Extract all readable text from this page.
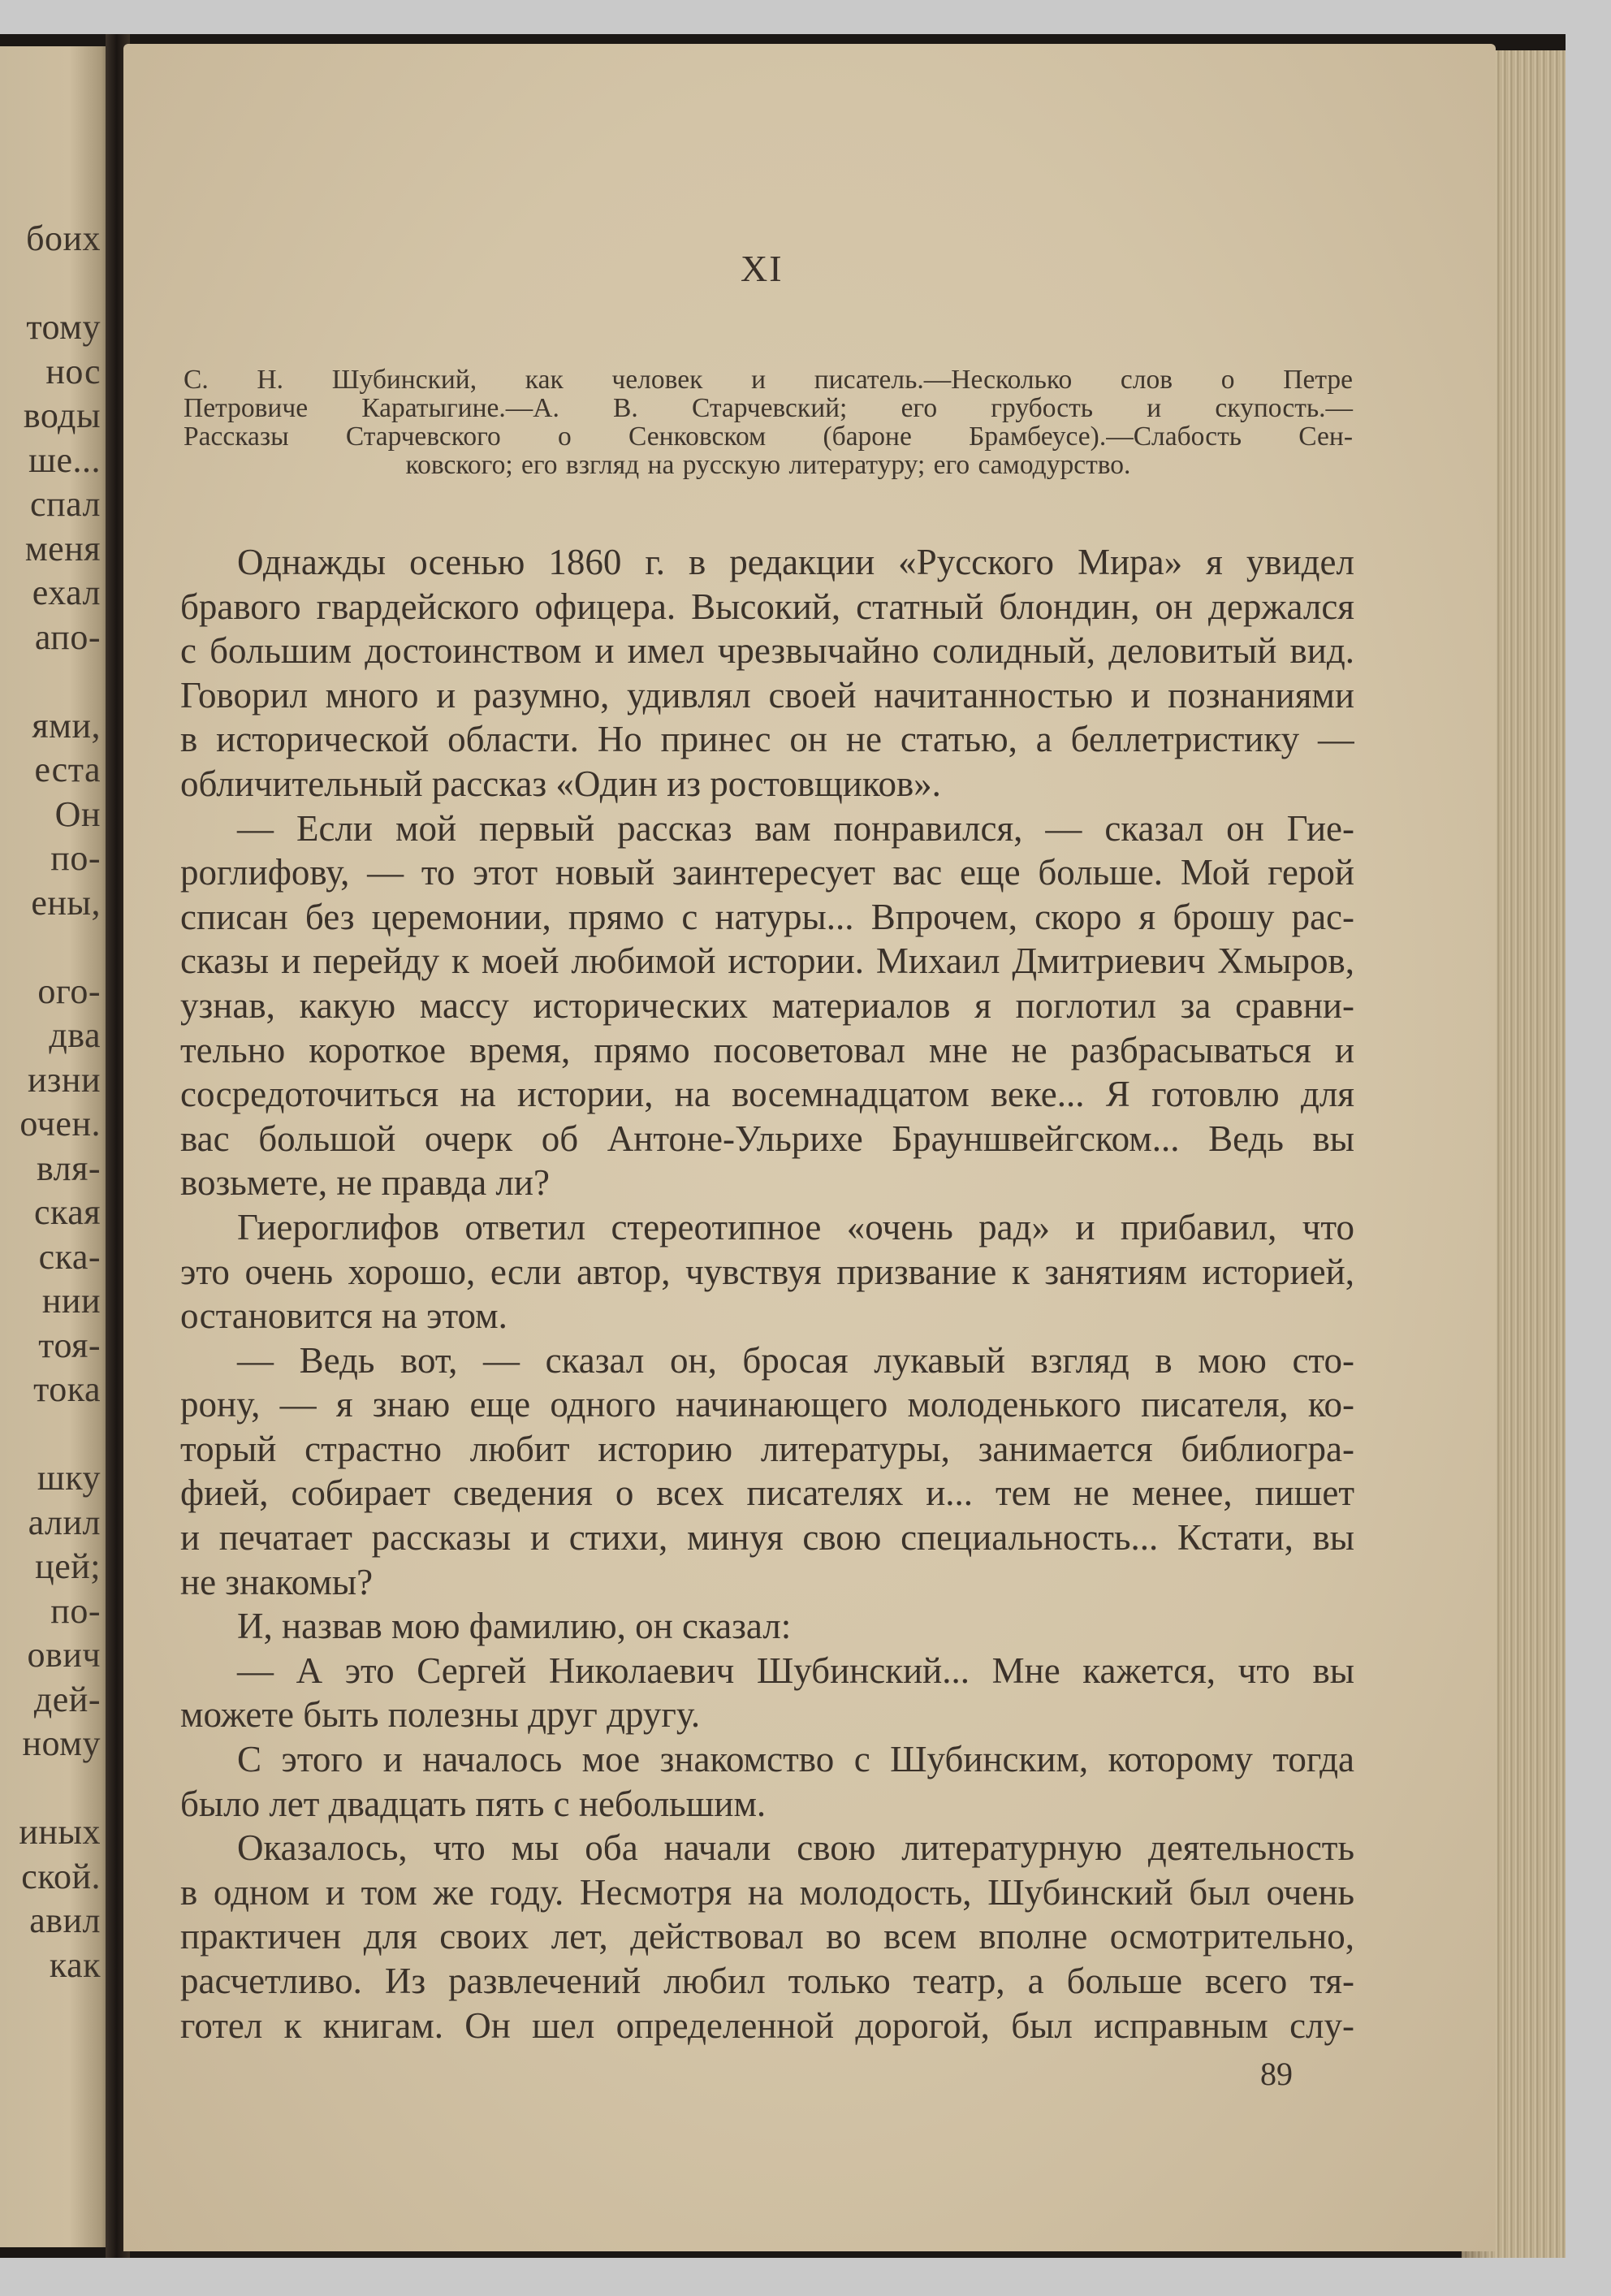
боих
тому
нос
воды
ше...
спал
меня
ехал
апо-
ями,
еста
Он
по-
ены,
ого-
два
изни
очен.
вля-
ская
ска-
нии
тоя-
тока
шку
алил
цей;
по-
ович
дей-
ному
иных
ской.
авил
как
XI
С. Н. Шубинский, как человек и писатель.—Несколько слов о Петре
Петровиче Каратыгине.—А. В. Старчевский; его грубость и скупость.—
Рассказы Старчевского о Сенковском (бароне Брамбеусе).—Слабость Сен-
ковского; его взгляд на русскую литературу; его самодурство.
Однажды осенью 1860 г. в редакции «Русского Мира» я увидел
бравого гвардейского офицера. Высокий, статный блондин, он держался
с большим достоинством и имел чрезвычайно солидный, деловитый вид.
Говорил много и разумно, удивлял своей начитанностью и познаниями
в исторической области. Но принес он не статью, а беллетристику —
обличительный рассказ «Один из ростовщиков».
— Если мой первый рассказ вам понравился, — сказал он Гие-
роглифову, — то этот новый заинтересует вас еще больше. Мой герой
списан без церемонии, прямо с натуры... Впрочем, скоро я брошу рас-
сказы и перейду к моей любимой истории. Михаил Дмитриевич Хмыров,
узнав, какую массу исторических материалов я поглотил за сравни-
тельно короткое время, прямо посоветовал мне не разбрасываться и
сосредоточиться на истории, на восемнадцатом веке... Я готовлю для
вас большой очерк об Антоне-Ульрихе Брауншвейгском... Ведь вы
возьмете, не правда ли?
Гиероглифов ответил стереотипное «очень рад» и прибавил, что
это очень хорошо, если автор, чувствуя призвание к занятиям историей,
остановится на этом.
— Ведь вот, — сказал он, бросая лукавый взгляд в мою сто-
рону, — я знаю еще одного начинающего молоденького писателя, ко-
торый страстно любит историю литературы, занимается библиогра-
фией, собирает сведения о всех писателях и... тем не менее, пишет
и печатает рассказы и стихи, минуя свою специальность... Кстати, вы
не знакомы?
И, назвав мою фамилию, он сказал:
— А это Сергей Николаевич Шубинский... Мне кажется, что вы
можете быть полезны друг другу.
С этого и началось мое знакомство с Шубинским, которому тогда
было лет двадцать пять с небольшим.
Оказалось, что мы оба начали свою литературную деятельность
в одном и том же году. Несмотря на молодость, Шубинский был очень
практичен для своих лет, действовал во всем вполне осмотрительно,
расчетливо. Из развлечений любил только театр, а больше всего тя-
готел к книгам. Он шел определенной дорогой, был исправным слу-
89
